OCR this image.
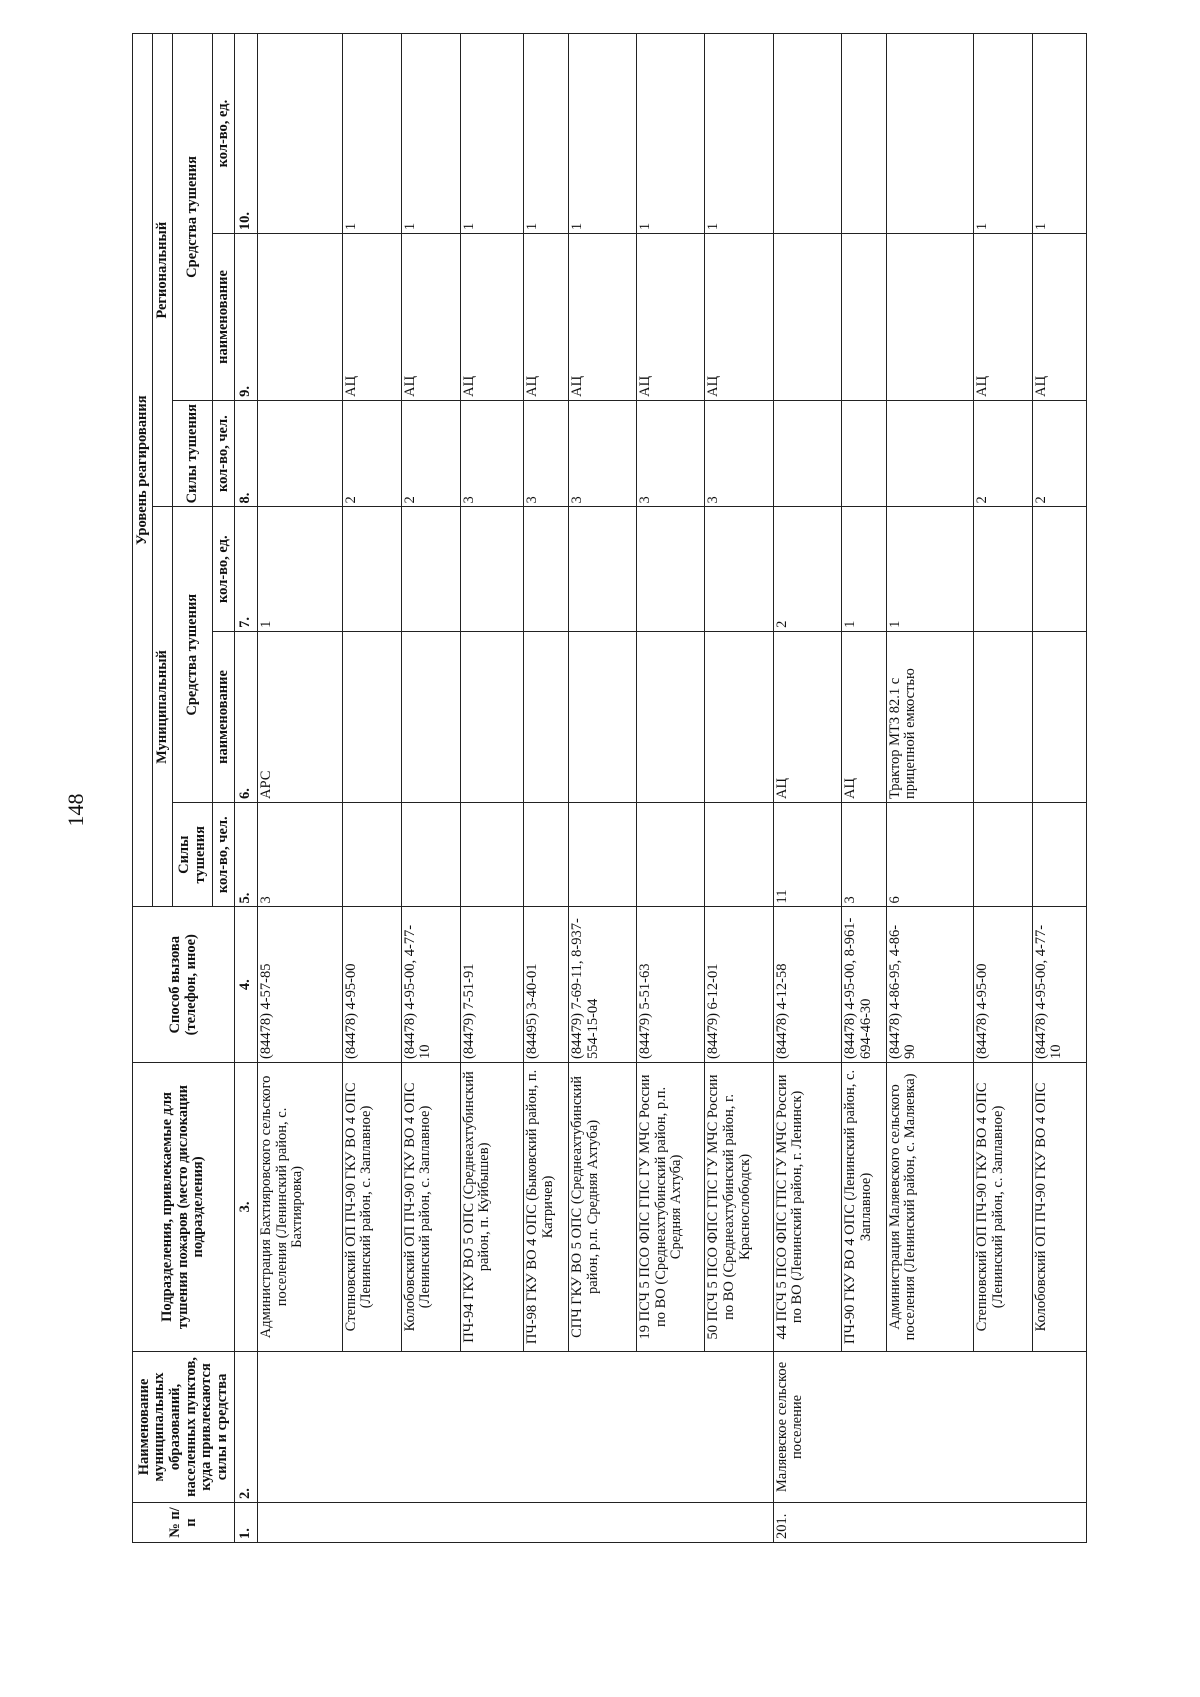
148
№ п/п	Наименование муниципальных образований, населенных пунктов, куда привлекаются силы и средства	Подразделения, привлекаемые для тушения пожаров (место дислокации подразделения)	Способ вызова (телефон, иное)	Уровень реагирования					
				Муниципальный			Региональный		
				Силы тушения	Средства тушения		Силы тушения	Средства тушения	
				кол-во, чел.	наименование	кол-во, ед.	кол-во, чел.	наименование	кол-во, ед.
1.	2.	3.	4.	5.	6.	7.	8.	9.	10.
		Администрация Бахтияровского сельского поселения (Ленинский район, с. Бахтияровка)	(84478) 4-57-85	3	АРС	1			
		Степновский ОП ПЧ-90 ГКУ ВО 4 ОПС (Ленинский район, с. Заплавное)	(84478) 4-95-00				2	АЦ	1
		Колобовский ОП ПЧ-90 ГКУ ВО 4 ОПС (Ленинский район, с. Заплавное)	(84478) 4-95-00, 4-77-10				2	АЦ	1
		ПЧ-94 ГКУ ВО 5 ОПС (Среднеахтубинский район, п. Куйбышев)	(84479) 7-51-91				3	АЦ	1
		ПЧ-98 ГКУ ВО 4 ОПС (Быковский район, п. Катричев)	(84495) 3-40-01				3	АЦ	1
		СПЧ ГКУ ВО 5 ОПС (Среднеахтубинский район, р.п. Средняя Ахтуба)	(84479) 7-69-11, 8-937-554-15-04				3	АЦ	1
		19 ПСЧ 5 ПСО ФПС ГПС ГУ МЧС России по ВО (Среднеахтубинский район, р.п. Средняя Ахтуба)	(84479) 5-51-63				3	АЦ	1
		50 ПСЧ 5 ПСО ФПС ГПС ГУ МЧС России по ВО (Среднеахтубинский район, г. Краснослободск)	(84479) 6-12-01				3	АЦ	1
201.	Маляевское сельское поселение	44 ПСЧ 5 ПСО ФПС ГПС ГУ МЧС России по ВО (Ленинский район, г. Ленинск)	(84478) 4-12-58	11	АЦ	2			
		ПЧ-90 ГКУ ВО 4 ОПС (Ленинский район, с. Заплавное)	(84478) 4-95-00, 8-961-694-46-30	3	АЦ	1			
		Администрация Маляевского сельского поселения (Ленинский район, с. Маляевка)	(84478) 4-86-95, 4-86-90	6	Трактор МТЗ 82.1 с прицепной емкостью	1			
		Степновский ОП ПЧ-90 ГКУ ВО 4 ОПС (Ленинский район, с. Заплавное)	(84478) 4-95-00				2	АЦ	1
		Колобовский ОП ПЧ-90 ГКУ ВО 4 ОПС	(84478) 4-95-00, 4-77-10				2	АЦ	1
